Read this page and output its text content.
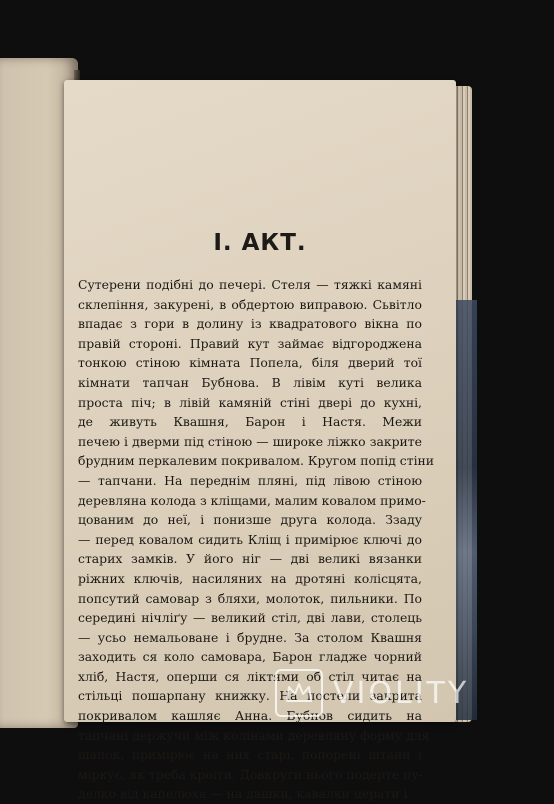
І. АКТ.
Сутерени подібні до печері. Стеля — тяжкі камяні
склепіння, закурені, в обдертою виправою. Сьвітло
впадає з гори в долину із квадратового вікна по
правій стороні. Правий кут займає відгороджена
тонкою стіною кімната Попела, біля дверий тої
кімнати тапчан Бубнова. В лівім куті велика
проста піч; в лівій камяній стіні двері до кухні,
де живуть Квашня, Барон і Настя. Межи
печею і дверми під стіною — широке ліжко закрите
брудним перкалевим покривалом. Кругом попід стіни
— тапчани. На переднім пляні, під лівою стіною
деревляна колода з кліщами, малим ковалом примо-
цованим до неї, і понизше друга колода. Ззаду
— перед ковалом сидить Кліщ і примірює ключі до
старих замків. У його ніг — дві великі вязанки
ріжних ключів, насиляних на дротяні колісцята,
попсутий самовар з бляхи, молоток, пильники. По
середині нічліґу — великий стіл, дві лави, столець
— усьо немальоване і брудне. За столом Квашня
заходить ся коло самовара, Барон гладже чорний
хліб, Настя, оперши ся ліктями об стіл читає на
стільці пошарпану книжку. На постели закрита
покривалом кашляє Анна. Бубнов сидить на
тапчані держучи між колінами деревляну форму для
шапок, примірює на них старі, попорені штани і
міркує, як треба кроїти. Довкруги нього подерте пу-
делко від капелюха — на дашки, кавалки церати і
VIOLITY
